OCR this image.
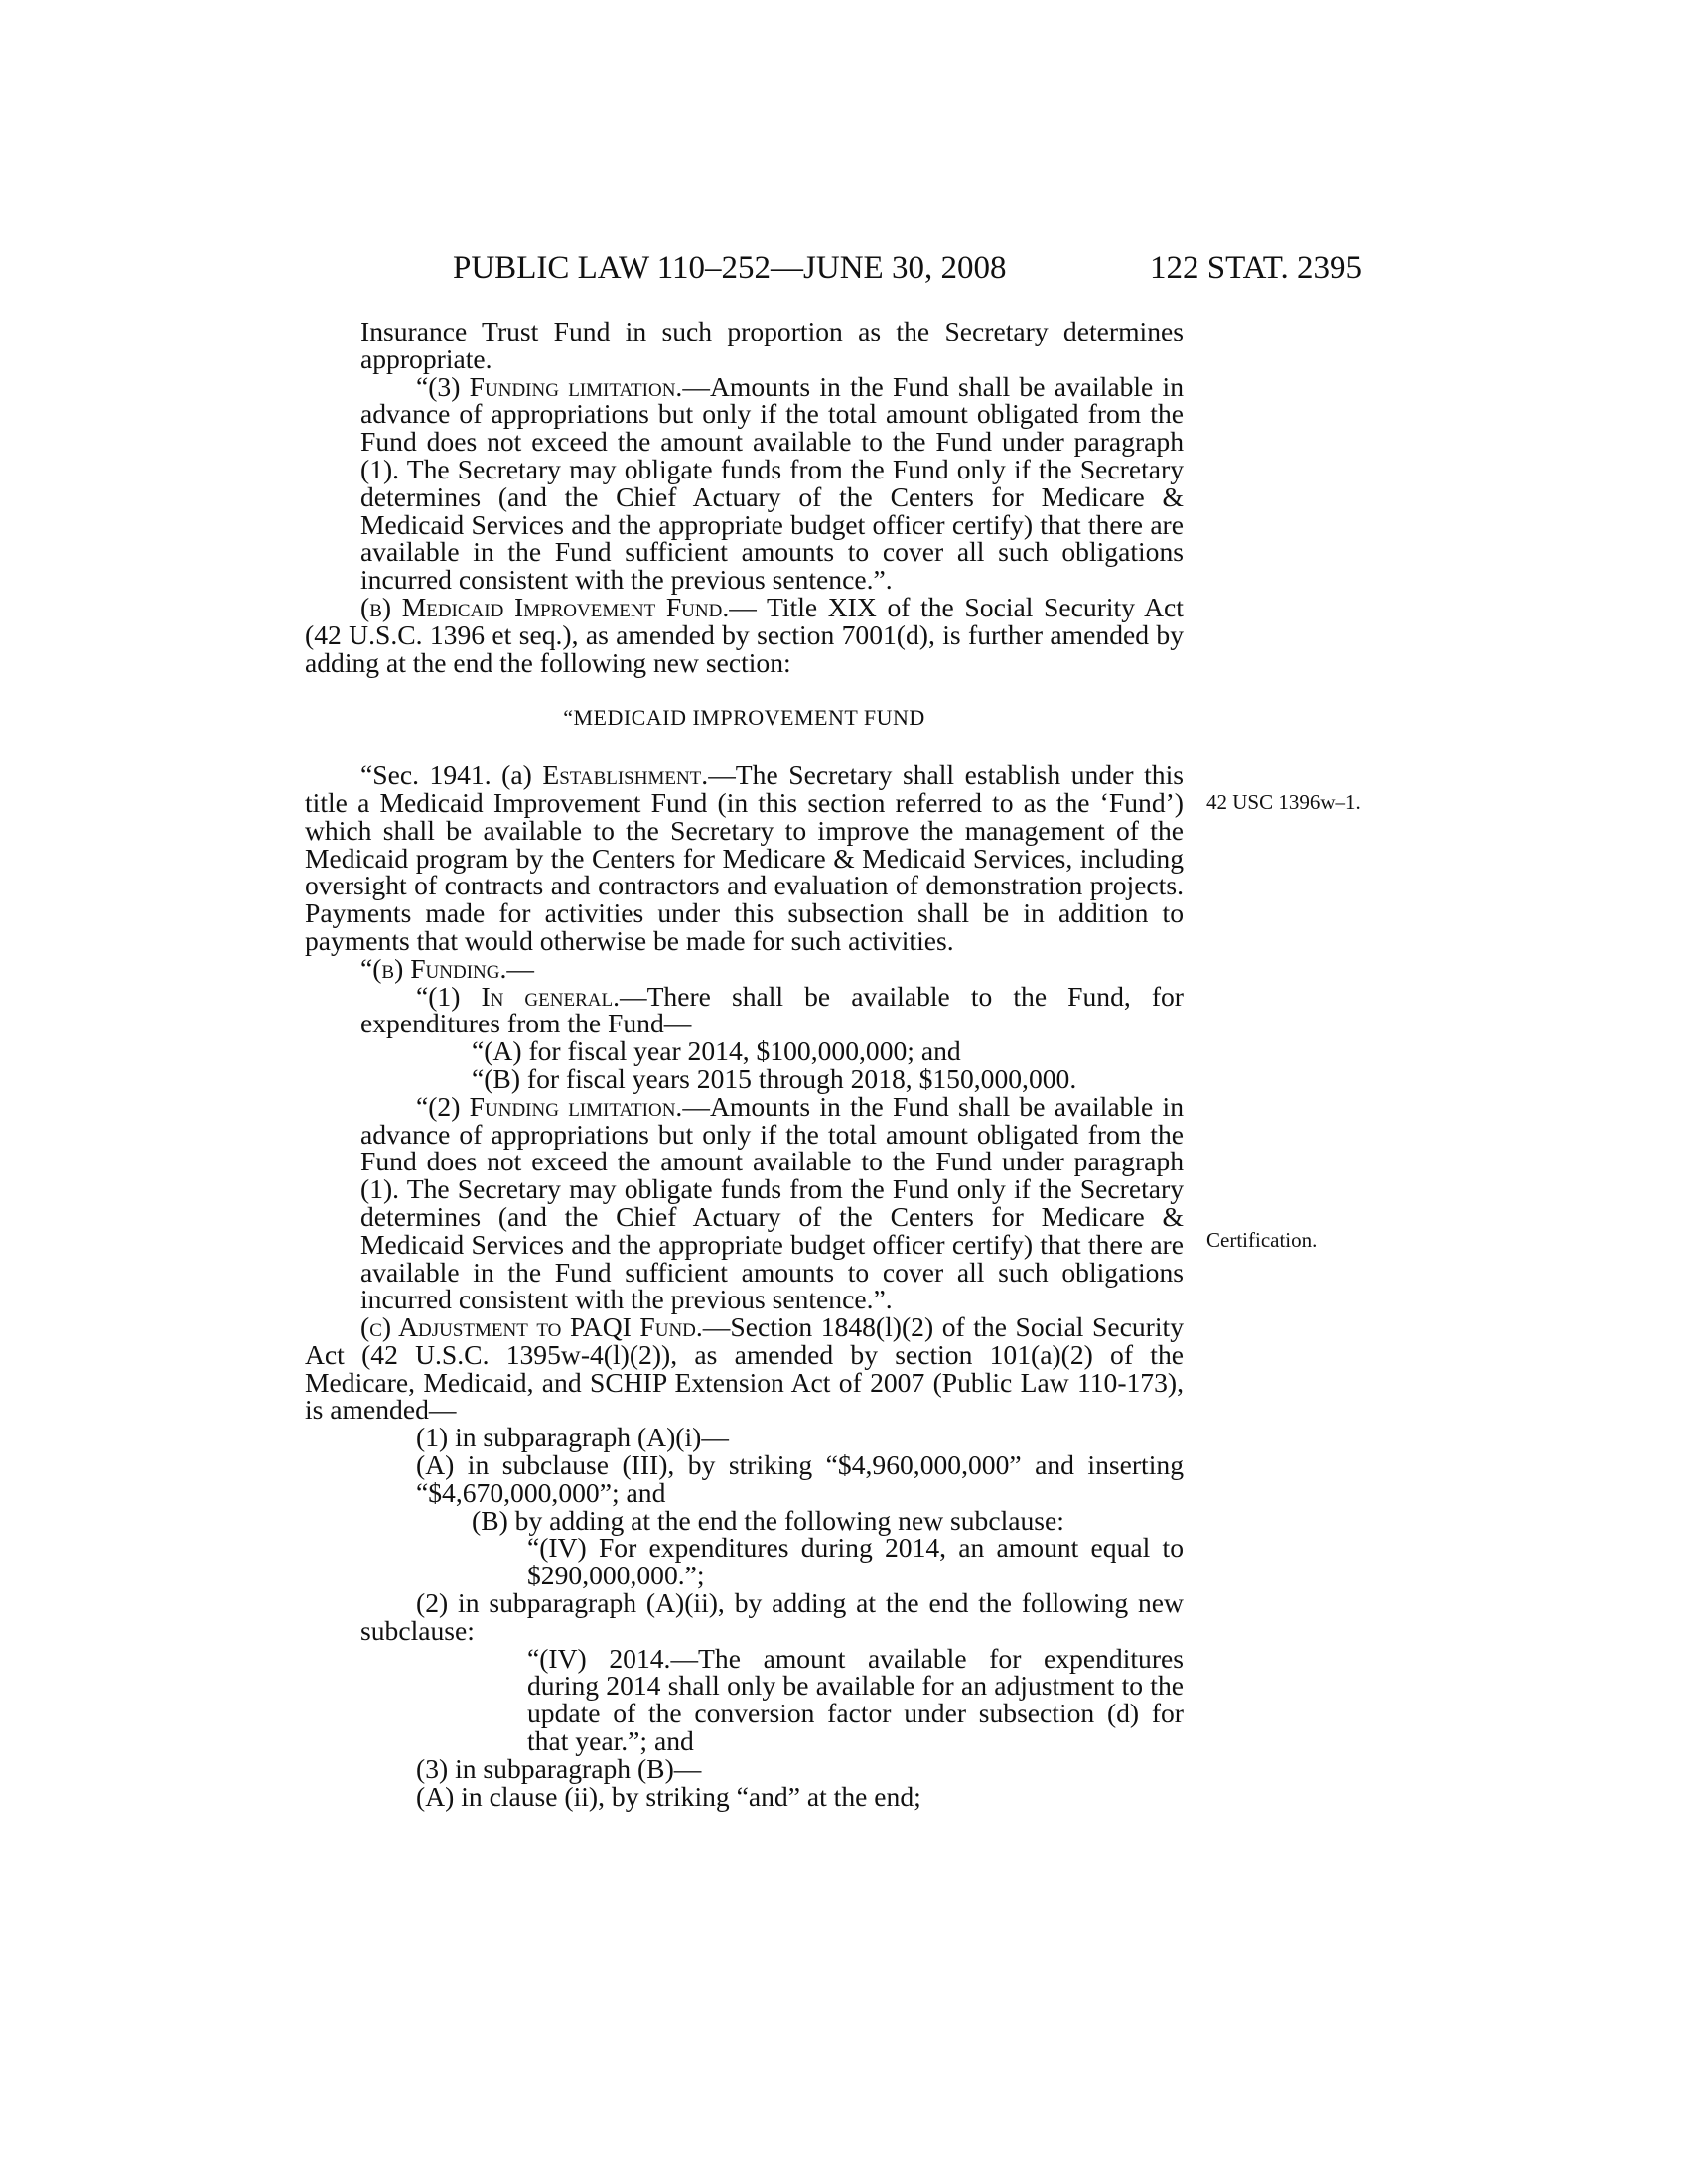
PUBLIC LAW 110–252—JUNE 30, 2008	122 STAT. 2395
42 USC 1396w–1.
Certification.

Insurance Trust Fund in such proportion as the Secretary determines appropriate.

“(3) Funding limitation.—Amounts in the Fund shall be available in advance of appropriations but only if the total amount obligated from the Fund does not exceed the amount available to the Fund under paragraph (1). The Secretary may obligate funds from the Fund only if the Secretary determines (and the Chief Actuary of the Centers for Medicare & Medicaid Services and the appropriate budget officer certify) that there are available in the Fund sufficient amounts to cover all such obligations incurred consistent with the previous sentence.”.

(b) Medicaid Improvement Fund.— Title XIX of the Social Security Act (42 U.S.C. 1396 et seq.), as amended by section 7001(d), is further amended by adding at the end the following new section:

“MEDICAID IMPROVEMENT FUND

“Sec. 1941. (a) Establishment.—The Secretary shall establish under this title a Medicaid Improvement Fund (in this section referred to as the ‘Fund’) which shall be available to the Secretary to improve the management of the Medicaid program by the Centers for Medicare & Medicaid Services, including oversight of contracts and contractors and evaluation of demonstration projects. Payments made for activities under this subsection shall be in addition to payments that would otherwise be made for such activities.

“(b) Funding.—

“(1) In general.—There shall be available to the Fund, for expenditures from the Fund—

“(A) for fiscal year 2014, $100,000,000; and

“(B) for fiscal years 2015 through 2018, $150,000,000.

“(2) Funding limitation.—Amounts in the Fund shall be available in advance of appropriations but only if the total amount obligated from the Fund does not exceed the amount available to the Fund under paragraph (1). The Secretary may obligate funds from the Fund only if the Secretary determines (and the Chief Actuary of the Centers for Medicare & Medicaid Services and the appropriate budget officer certify) that there are available in the Fund sufficient amounts to cover all such obligations incurred consistent with the previous sentence.”.

(c) Adjustment to PAQI Fund.—Section 1848(l)(2) of the Social Security Act (42 U.S.C. 1395w-4(l)(2)), as amended by section 101(a)(2) of the Medicare, Medicaid, and SCHIP Extension Act of 2007 (Public Law 110-173), is amended—

(1) in subparagraph (A)(i)—

(A) in subclause (III), by striking “$4,960,000,000” and inserting “$4,670,000,000”; and

(B) by adding at the end the following new subclause:

“(IV) For expenditures during 2014, an amount equal to $290,000,000.”;

(2) in subparagraph (A)(ii), by adding at the end the following new subclause:

“(IV) 2014.—The amount available for expenditures during 2014 shall only be available for an adjustment to the update of the conversion factor under subsection (d) for that year.”; and

(3) in subparagraph (B)—

(A) in clause (ii), by striking “and” at the end;
